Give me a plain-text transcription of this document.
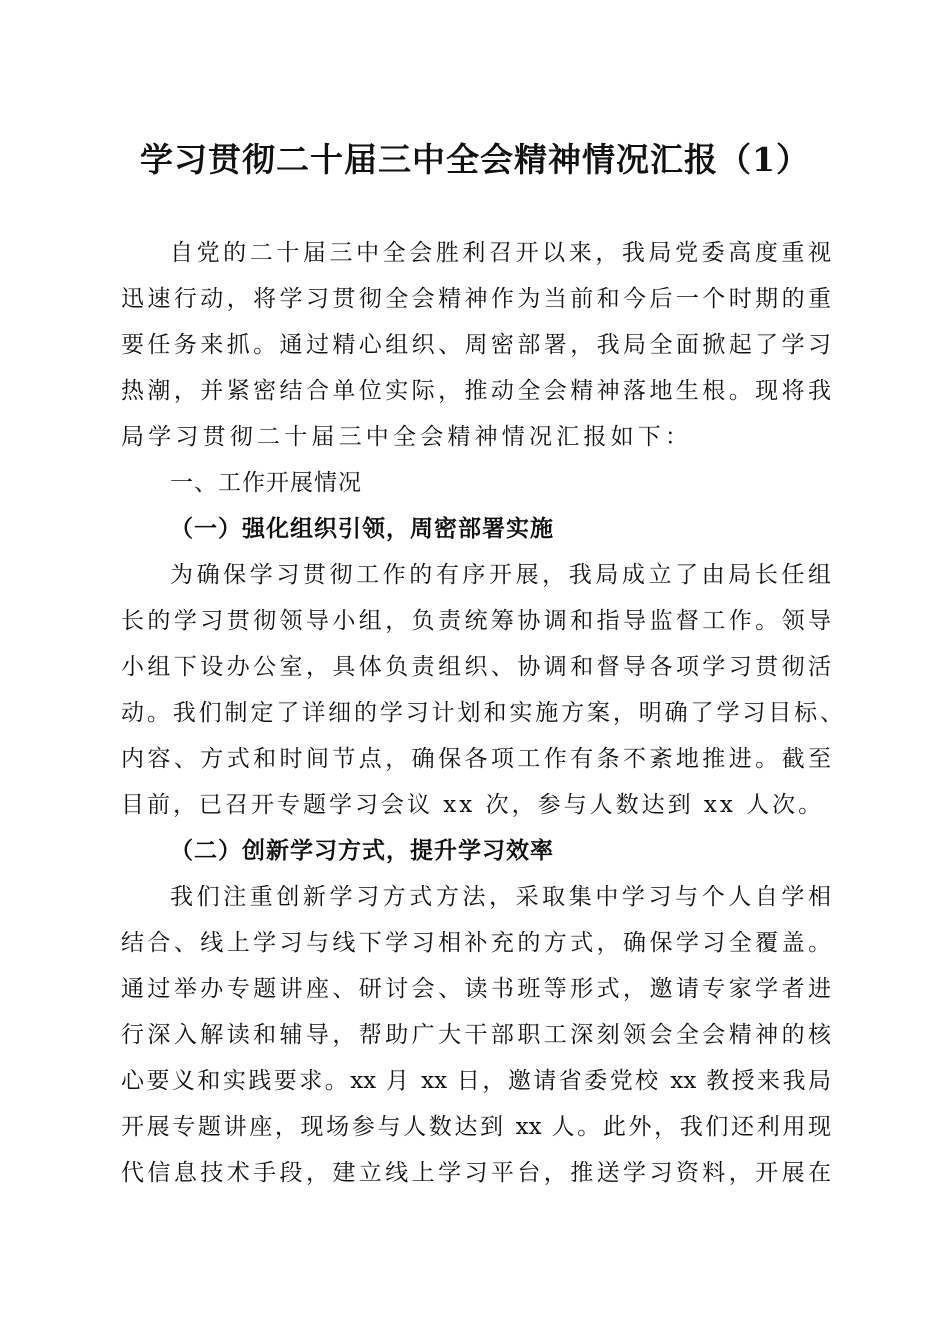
学习贯彻二十届三中全会精神情况汇报（1）
自党的二十届三中全会胜利召开以来，我局党委高度重视
迅速行动，将学习贯彻全会精神作为当前和今后一个时期的重
要任务来抓。通过精心组织、周密部署，我局全面掀起了学习
热潮，并紧密结合单位实际，推动全会精神落地生根。现将我
局学习贯彻二十届三中全会精神情况汇报如下：
一、工作开展情况
（一）强化组织引领，周密部署实施
为确保学习贯彻工作的有序开展，我局成立了由局长任组
长的学习贯彻领导小组，负责统筹协调和指导监督工作。领导
小组下设办公室，具体负责组织、协调和督导各项学习贯彻活
动。我们制定了详细的学习计划和实施方案，明确了学习目标、
内容、方式和时间节点，确保各项工作有条不紊地推进。截至
目前，已召开专题学习会议 xx 次，参与人数达到 xx 人次。
（二）创新学习方式，提升学习效率
我们注重创新学习方式方法，采取集中学习与个人自学相
结合、线上学习与线下学习相补充的方式，确保学习全覆盖。
通过举办专题讲座、研讨会、读书班等形式，邀请专家学者进
行深入解读和辅导，帮助广大干部职工深刻领会全会精神的核
心要义和实践要求。xx 月 xx 日，邀请省委党校 xx 教授来我局
开展专题讲座，现场参与人数达到 xx 人。此外，我们还利用现
代信息技术手段，建立线上学习平台，推送学习资料，开展在
